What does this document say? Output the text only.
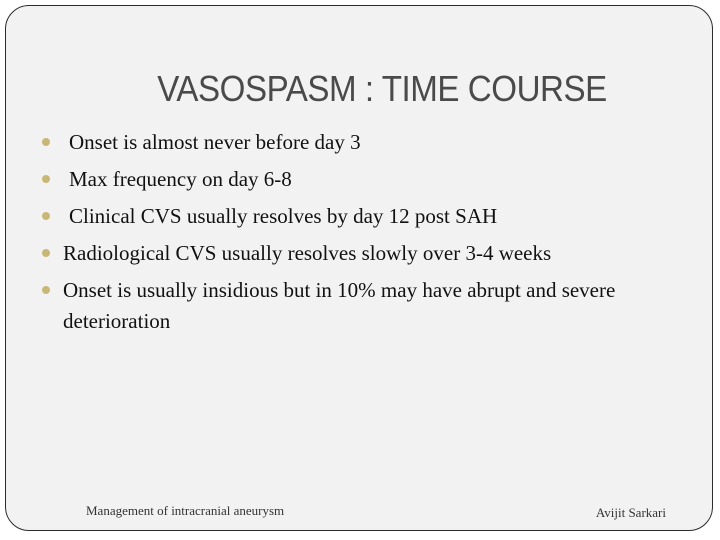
VASOSPASM : TIME COURSE
Onset is almost never before day 3
Max frequency on day 6-8
Clinical CVS usually resolves by day 12 post SAH
Radiological CVS usually resolves slowly over 3-4 weeks
Onset is usually insidious but in 10% may have abrupt and severe deterioration
Management of intracranial aneurysm	Avijit Sarkari
